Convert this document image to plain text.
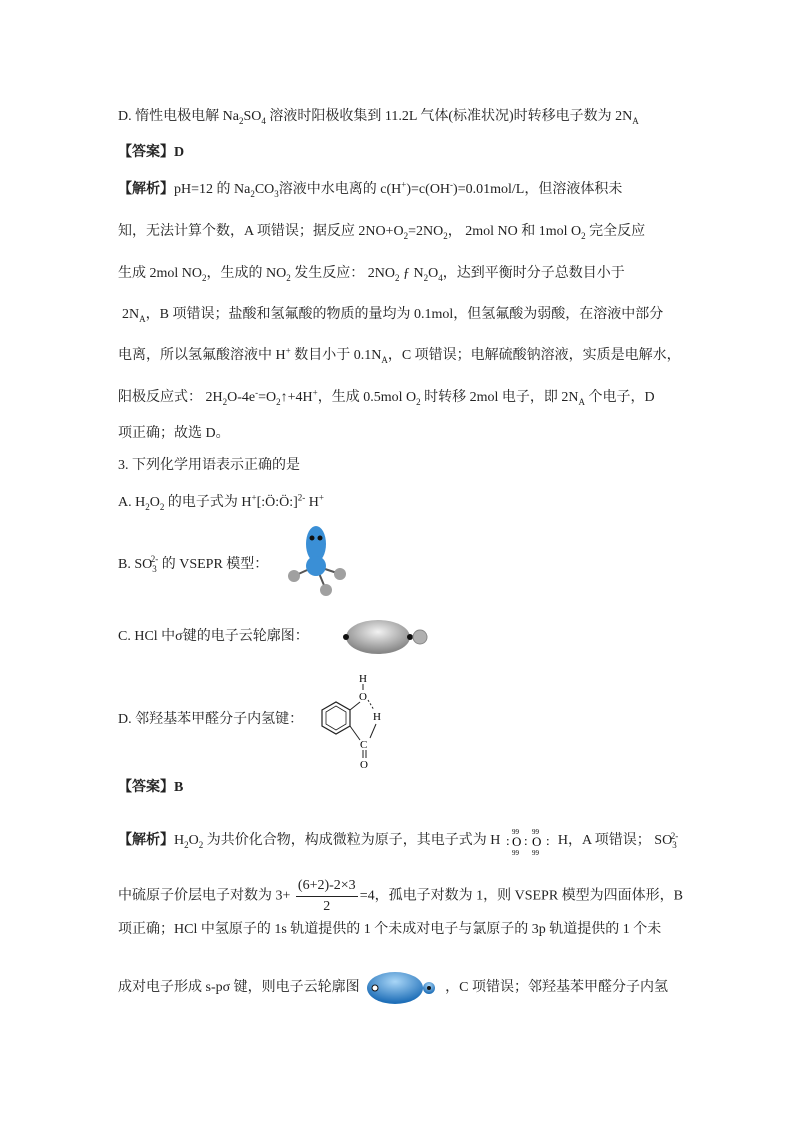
D. 惰性电极电解 $Na_2SO_4$ 溶液时阳极收集到 11.2L 气体(标准状况)时转移电子数为 $2N_A$
【答案】D
【解析】pH=12 的 $Na_2CO_3$溶液中水电离的 c(H+)=c(OH-)=0.01mol/L，但溶液体积未
知，无法计算个数，A 项错误；据反应 $2NO+O_2=2NO_2$， 2mol NO 和 1mol $O_2$ 完全反应
生成 2mol $NO_2$，生成的 $NO_2$ 发生反应： $2NO_2$ ƒ $N_2O_4$，达到平衡时分子总数目小于
$2N_A$，B 项错误；盐酸和氢氟酸的物质的量均为 0.1mol，但氢氟酸为弱酸，在溶液中部分
电离，所以氢氟酸溶液中 H+ 数目小于 $0.1N_A$，C 项错误；电解硫酸钠溶液，实质是电解水，
阳极反应式： $2H_2O-4e^-=O_2↑+4H^+$，生成 0.5mol $O_2$ 时转移 2mol 电子，即 $2N_A$ 个电子，D
项正确；故选 D。
3. 下列化学用语表示正确的是
A. $H_2O_2$ 的电子式为 H+[:Ö:Ö:]$^{2-}$ H+
B. $SO_3^{2-}$ 的 VSEPR 模型：
C. HCl 中σ键的电子云轮廓图：
D. 邻羟基苯甲醛分子内氢键：
H
O
H
C
O
【答案】B
【解析】$H_2O_2$ 为共价化合物，构成微粒为原子，其电子式为 H : O : O :
99 99
99 99
H，A 项错误； $SO_3^{2-}$
中硫原子价层电子对数为 $3+ \frac{(6+2)-2\times 3}{2} =4$，孤电子对数为 1，则 VSEPR 模型为四面体形，B
项正确；HCl 中氢原子的 1s 轨道提供的 1 个未成对电子与氯原子的 3p 轨道提供的 1 个未
成对电子形成 s-pσ 键，则电子云轮廓图	，C 项错误；邻羟基苯甲醛分子内氢
